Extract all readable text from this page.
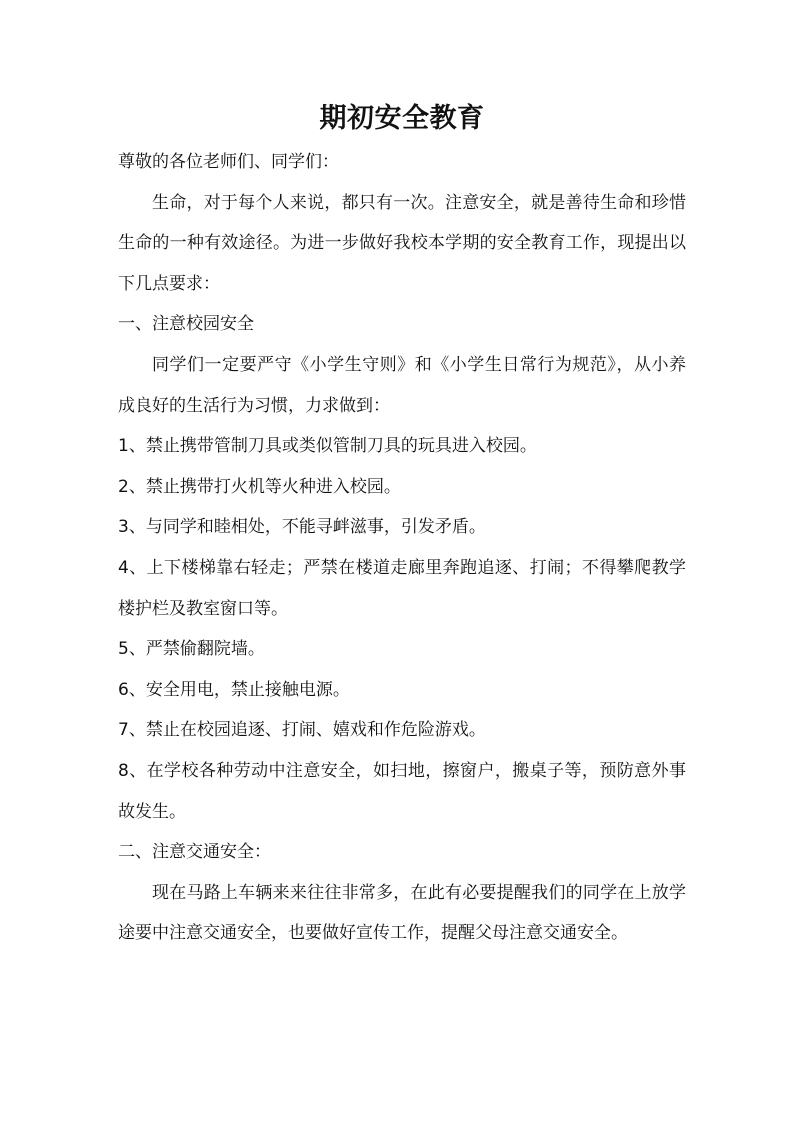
期初安全教育

尊敬的各位老师们、同学们：

生命，对于每个人来说，都只有一次。注意安全，就是善待生命和珍惜生命的一种有效途径。为进一步做好我校本学期的安全教育工作，现提出以下几点要求：

一、注意校园安全

同学们一定要严守《小学生守则》和《小学生日常行为规范》，从小养成良好的生活行为习惯，力求做到：

1、禁止携带管制刀具或类似管制刀具的玩具进入校园。

2、禁止携带打火机等火种进入校园。

3、与同学和睦相处，不能寻衅滋事，引发矛盾。

4、上下楼梯靠右轻走；严禁在楼道走廊里奔跑追逐、打闹；不得攀爬教学楼护栏及教室窗口等。

5、严禁偷翻院墙。

6、安全用电，禁止接触电源。

7、禁止在校园追逐、打闹、嬉戏和作危险游戏。

8、在学校各种劳动中注意安全，如扫地，擦窗户，搬桌子等，预防意外事故发生。

二、注意交通安全：

现在马路上车辆来来往往非常多，在此有必要提醒我们的同学在上放学途要中注意交通安全，也要做好宣传工作，提醒父母注意交通安全。
